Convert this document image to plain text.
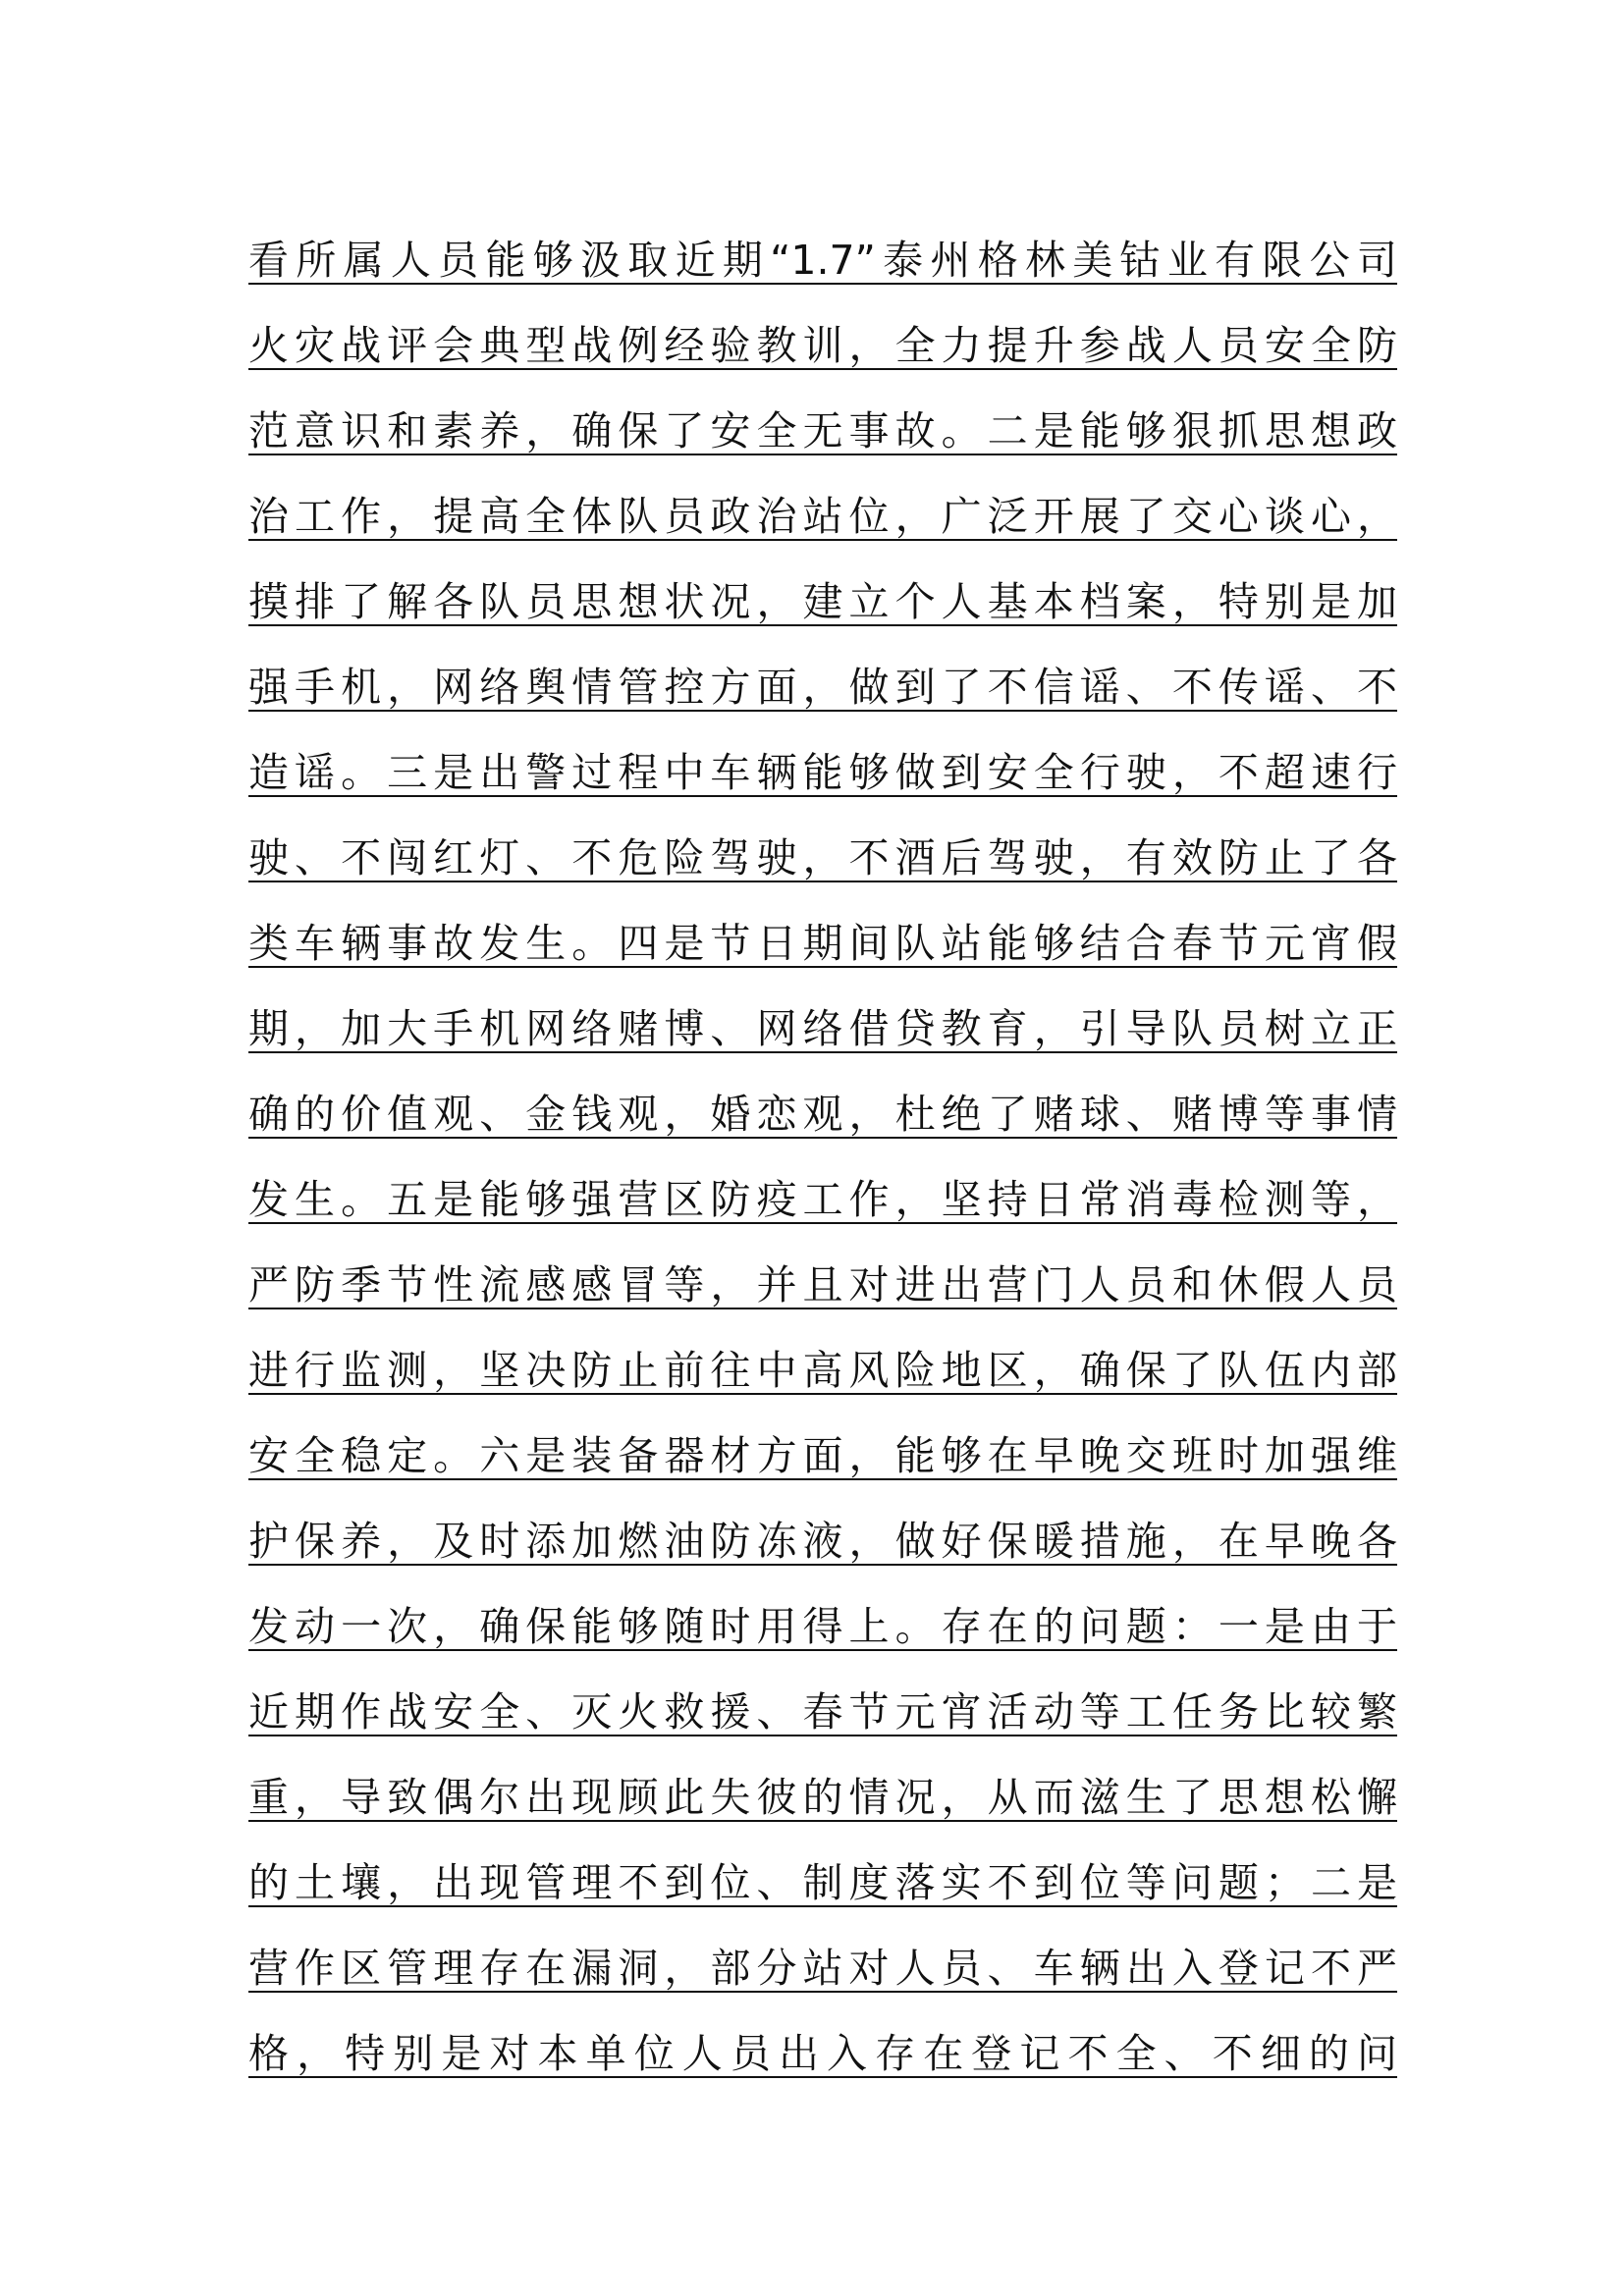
看所属人员能够汲取近期“1.7”泰州格林美钴业有限公司
火灾战评会典型战例经验教训，全力提升参战人员安全防
范意识和素养，确保了安全无事故。二是能够狠抓思想政
治工作，提高全体队员政治站位，广泛开展了交心谈心，
摸排了解各队员思想状况，建立个人基本档案，特别是加
强手机，网络舆情管控方面，做到了不信谣、不传谣、不
造谣。三是出警过程中车辆能够做到安全行驶，不超速行
驶、不闯红灯、不危险驾驶，不酒后驾驶，有效防止了各
类车辆事故发生。四是节日期间队站能够结合春节元宵假
期，加大手机网络赌博、网络借贷教育，引导队员树立正
确的价值观、金钱观，婚恋观，杜绝了赌球、赌博等事情
发生。五是能够强营区防疫工作，坚持日常消毒检测等，
严防季节性流感感冒等，并且对进出营门人员和休假人员
进行监测，坚决防止前往中高风险地区，确保了队伍内部
安全稳定。六是装备器材方面，能够在早晚交班时加强维
护保养，及时添加燃油防冻液，做好保暖措施，在早晚各
发动一次，确保能够随时用得上。存在的问题：一是由于
近期作战安全、灭火救援、春节元宵活动等工任务比较繁
重，导致偶尔出现顾此失彼的情况，从而滋生了思想松懈
的土壤，出现管理不到位、制度落实不到位等问题；二是
营作区管理存在漏洞，部分站对人员、车辆出入登记不严
格，特别是对本单位人员出入存在登记不全、不细的问
